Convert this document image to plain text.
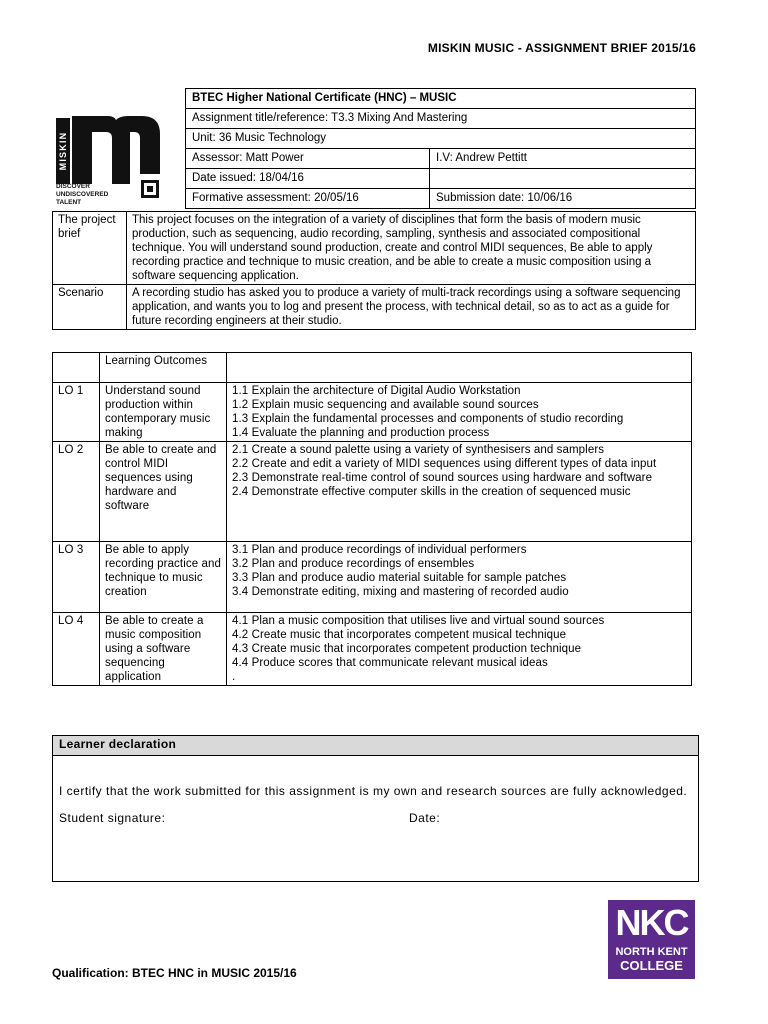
MISKIN MUSIC - ASSIGNMENT BRIEF 2015/16
MISKIN
DISCOVER
UNDISCOVERED
TALENT
BTEC Higher National Certificate (HNC) – MUSIC	
Assignment title/reference: T3.3 Mixing And Mastering	
Unit: 36 Music Technology	
Assessor: Matt Power	I.V: Andrew Pettitt
Date issued: 18/04/16	
Formative assessment: 20/05/16	Submission date: 10/06/16
The project brief	This project focuses on the integration of a variety of disciplines that form the basis of modern music production, such as sequencing, audio recording, sampling, synthesis and associated compositional technique. You will understand sound production, create and control MIDI sequences, Be able to apply recording practice and technique to music creation, and be able to create a music composition using a software sequencing application.
Scenario	A recording studio has asked you to produce a variety of multi-track recordings using a software sequencing application, and wants you to log and present the process, with technical detail, so as to act as a guide for future recording engineers at their studio.
	Learning Outcomes	
LO 1	Understand sound production within contemporary music making	1.1 Explain the architecture of Digital Audio Workstation
1.2 Explain music sequencing and available sound sources
1.3 Explain the fundamental processes and components of studio recording
1.4 Evaluate the planning and production process

LO 2	Be able to create and control MIDI sequences using hardware and software	2.1 Create a sound palette using a variety of synthesisers and samplers
2.2 Create and edit a variety of MIDI sequences using different types of data input
2.3 Demonstrate real-time control of sound sources using hardware and software
2.4 Demonstrate effective computer skills in the creation of sequenced music

LO 3	Be able to apply recording practice and technique to music creation	3.1 Plan and produce recordings of individual performers
3.2 Plan and produce recordings of ensembles
3.3 Plan and produce audio material suitable for sample patches
3.4 Demonstrate editing, mixing and mastering of recorded audio

LO 4	Be able to create a music composition using a software sequencing application	4.1 Plan a music composition that utilises live and virtual sound sources
4.2 Create music that incorporates competent musical technique
4.3 Create music that incorporates competent production technique
4.4 Produce scores that communicate relevant musical ideas
.
Learner declaration
I certify that the work submitted for this assignment is my own and research sources are fully acknowledged.
Student signature:	Date:
NKC
NORTH KENT
COLLEGE
Qualification: BTEC HNC in MUSIC 2015/16
